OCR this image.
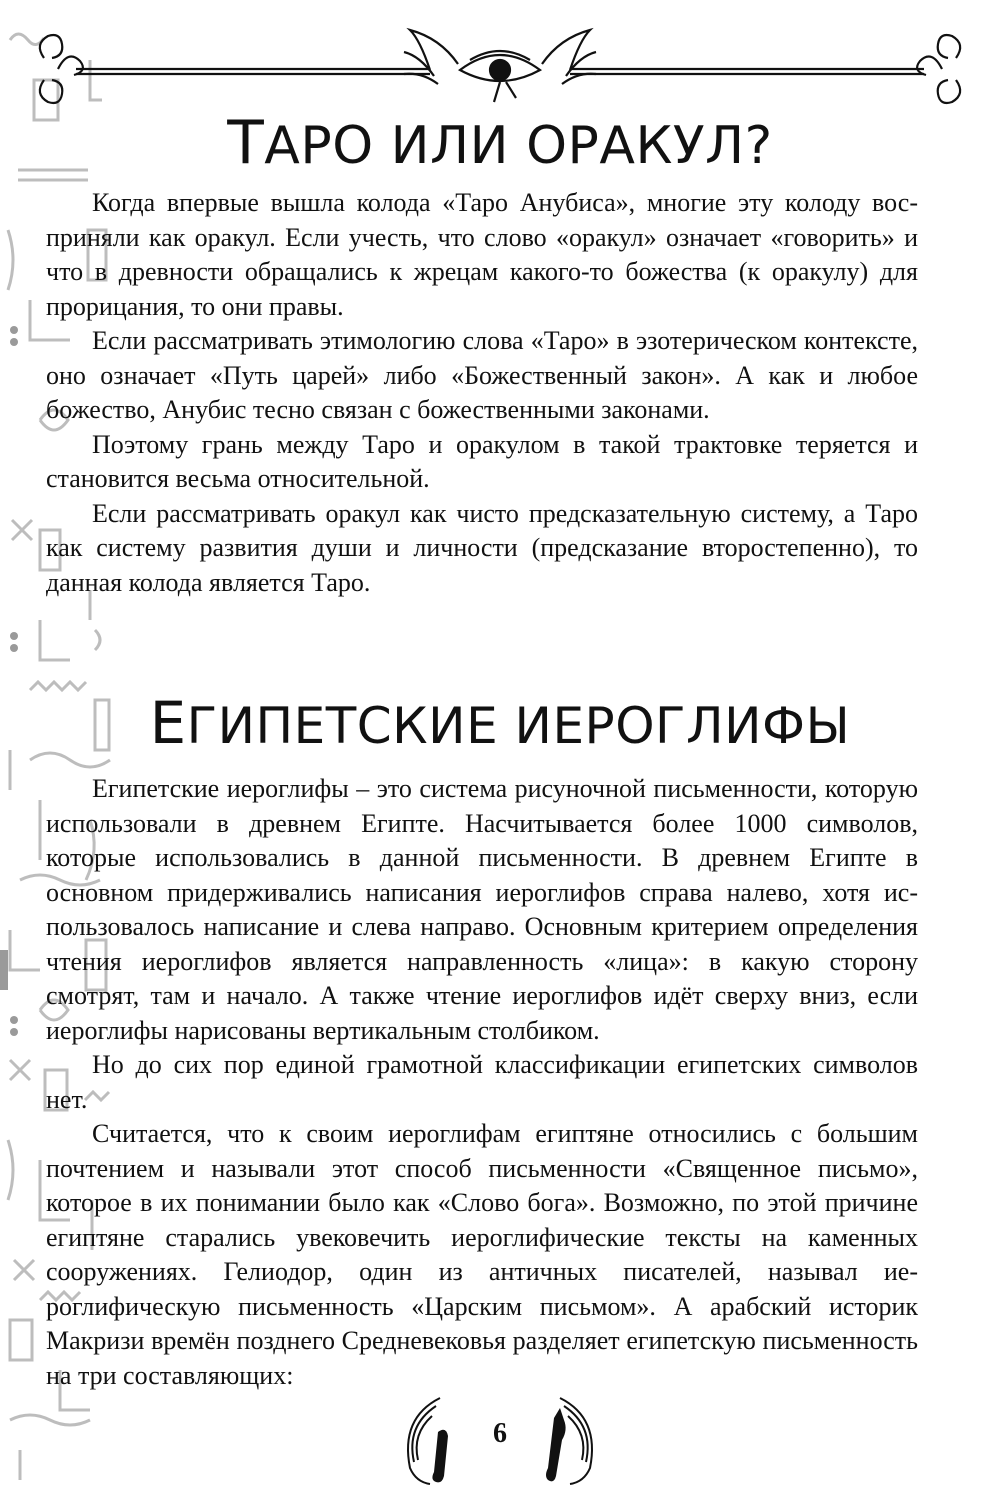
ТАРО ИЛИ ОРАКУЛ?

Когда впервые вышла колода «Таро Анубиса», многие эту колоду восприняли как оракул. Если учесть, что слово «оракул» означает «говорить» и что в древности обращались к жрецам какого-то божества (к оракулу) для прорицания, то они правы.

Если рассматривать этимологию слова «Таро» в эзотерическом контексте, оно означает «Путь царей» либо «Божественный закон». А как и любое божество, Анубис тесно связан с божественными законами.

Поэтому грань между Таро и оракулом в такой трактовке теряется и становится весьма относительной.

Если рассматривать оракул как чисто предсказательную систему, а Таро как систему развития души и личности (предсказание второстепенно), то данная колода является Таро.

ЕГИПЕТСКИЕ ИЕРОГЛИФЫ

Египетские иероглифы – это система рисуночной письменности, которую использовали в древнем Египте. Насчитывается более 1000 символов, которые использовались в данной письменности. В древнем Египте в основном придерживались написания иероглифов справа налево, хотя использовалось написание и слева направо. Основным критерием определения чтения иероглифов является направленность «лица»: в какую сторону смотрят, там и начало. А также чтение иероглифов идёт сверху вниз, если иероглифы нарисованы вертикальным столбиком.

Но до сих пор единой грамотной классификации египетских символов нет.

Считается, что к своим иероглифам египтяне относились с большим почтением и называли этот способ письменности «Священное письмо», которое в их понимании было как «Слово бога». Возможно, по этой причине египтяне старались увековечить иероглифические тексты на каменных сооружениях. Гелиодор, один из античных писателей, называл иероглифическую письменность «Царским письмом». А арабский историк Макризи времён позднего Средневековья разделяет египетскую письменность на три составляющих:

6
